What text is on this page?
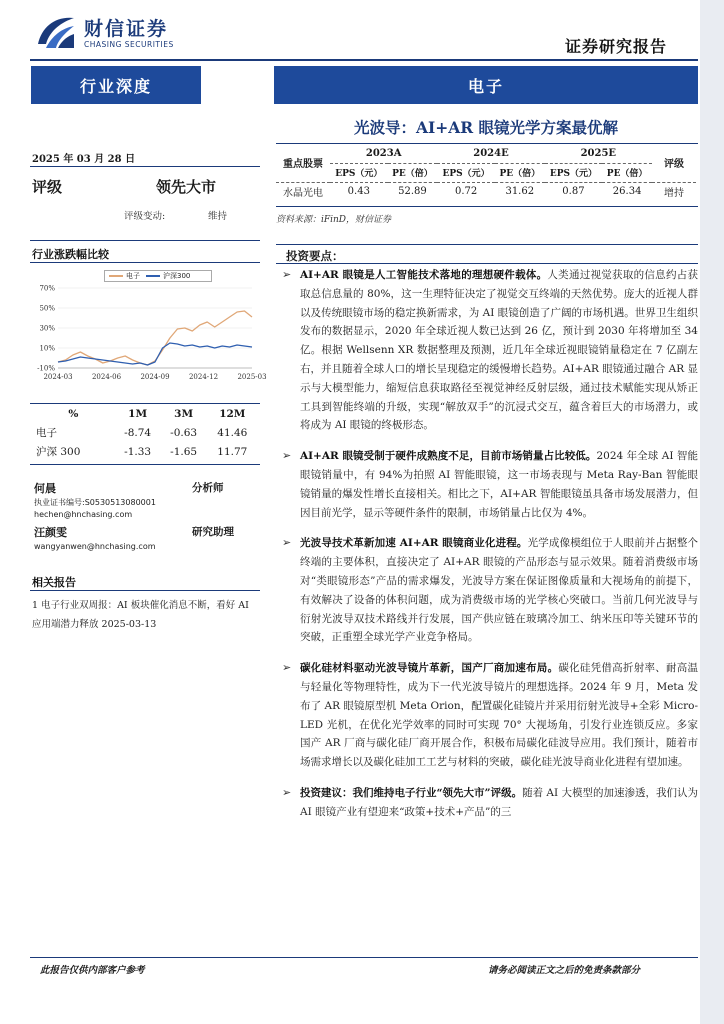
财信证券
CHASING SECURITIES	证券研究报告
行业深度	电子
光波导：AI+AR 眼镜光学方案最优解
2025 年 03 月 28 日
评级	领先大市
评级变动:	维持
行业涨跌幅比较
电子	沪深300
70%
50%
30%
10%
-10%
2024-03	2024-06	2024-09	2024-12	2025-03
%	1M	3M	12M
电子	-8.74	-0.63	41.46
沪深 300	-1.33	-1.65	11.77
何晨	分析师
执业证书编号:S0530513080001
hechen@hnchasing.com
汪颜雯	研究助理
wangyanwen@hnchasing.com
相关报告
1 电子行业双周报：AI 板块催化消息不断，看好 AI 应用端潜力释放 2025-03-13
重点股票	2023A		2024E		2025E		评级
	EPS（元）	PE（倍）	EPS（元）	PE（倍）	EPS（元）	PE（倍）	
水晶光电	0.43	52.89	0.72	31.62	0.87	26.34	增持
资料来源：iFinD，财信证券
投资要点：
➢ AI+AR 眼镜是人工智能技术落地的理想硬件载体。人类通过视觉获取的信息约占获取总信息量的 80%，这一生理特征决定了视觉交互终端的天然优势。庞大的近视人群以及传统眼镜市场的稳定换新需求，为 AI 眼镜创造了广阔的市场机遇。世界卫生组织发布的数据显示，2020 年全球近视人数已达到 26 亿，预计到 2030 年将增加至 34 亿。根据 Wellsenn XR 数据整理及预测，近几年全球近视眼镜销量稳定在 7 亿副左右，并且随着全球人口的增长呈现稳定的缓慢增长趋势。AI+AR 眼镜通过融合 AR 显示与大模型能力，缩短信息获取路径至视觉神经反射层级，通过技术赋能实现从矫正工具到智能终端的升级，实现“解放双手”的沉浸式交互，蕴含着巨大的市场潜力，或将成为 AI 眼镜的终极形态。
➢ AI+AR 眼镜受制于硬件成熟度不足，目前市场销量占比较低。2024 年全球 AI 智能眼镜销量中，有 94%为拍照 AI 智能眼镜，这一市场表现与 Meta Ray-Ban 智能眼镜销量的爆发性增长直接相关。相比之下，AI+AR 智能眼镜虽具备市场发展潜力，但因目前光学，显示等硬件条件的限制，市场销量占比仅为 4%。
➢ 光波导技术革新加速 AI+AR 眼镜商业化进程。光学成像模组位于人眼前并占据整个终端的主要体积，直接决定了 AI+AR 眼镜的产品形态与显示效果。随着消费级市场对“类眼镜形态”产品的需求爆发，光波导方案在保证图像质量和大视场角的前提下，有效解决了设备的体积问题，成为消费级市场的光学核心突破口。当前几何光波导与衍射光波导双技术路线并行发展，国产供应链在玻璃冷加工、纳米压印等关键环节的突破，正重塑全球光学产业竞争格局。
➢ 碳化硅材料驱动光波导镜片革新，国产厂商加速布局。碳化硅凭借高折射率、耐高温与轻量化等物理特性，成为下一代光波导镜片的理想选择。2024 年 9 月，Meta 发布了 AR 眼镜原型机 Meta Orion，配置碳化硅镜片并采用衍射光波导+全彩 Micro-LED 光机，在优化光学效率的同时可实现 70° 大视场角，引发行业连锁反应。多家国产 AR 厂商与碳化硅厂商开展合作，积极布局碳化硅波导应用。我们预计，随着市场需求增长以及碳化硅加工工艺与材料的突破，碳化硅光波导商业化进程有望加速。
➢ 投资建议：我们维持电子行业“领先大市”评级。随着 AI 大模型的加速渗透，我们认为 AI 眼镜产业有望迎来“政策+技术+产品”的三
此报告仅供内部客户参考	请务必阅读正文之后的免责条款部分
